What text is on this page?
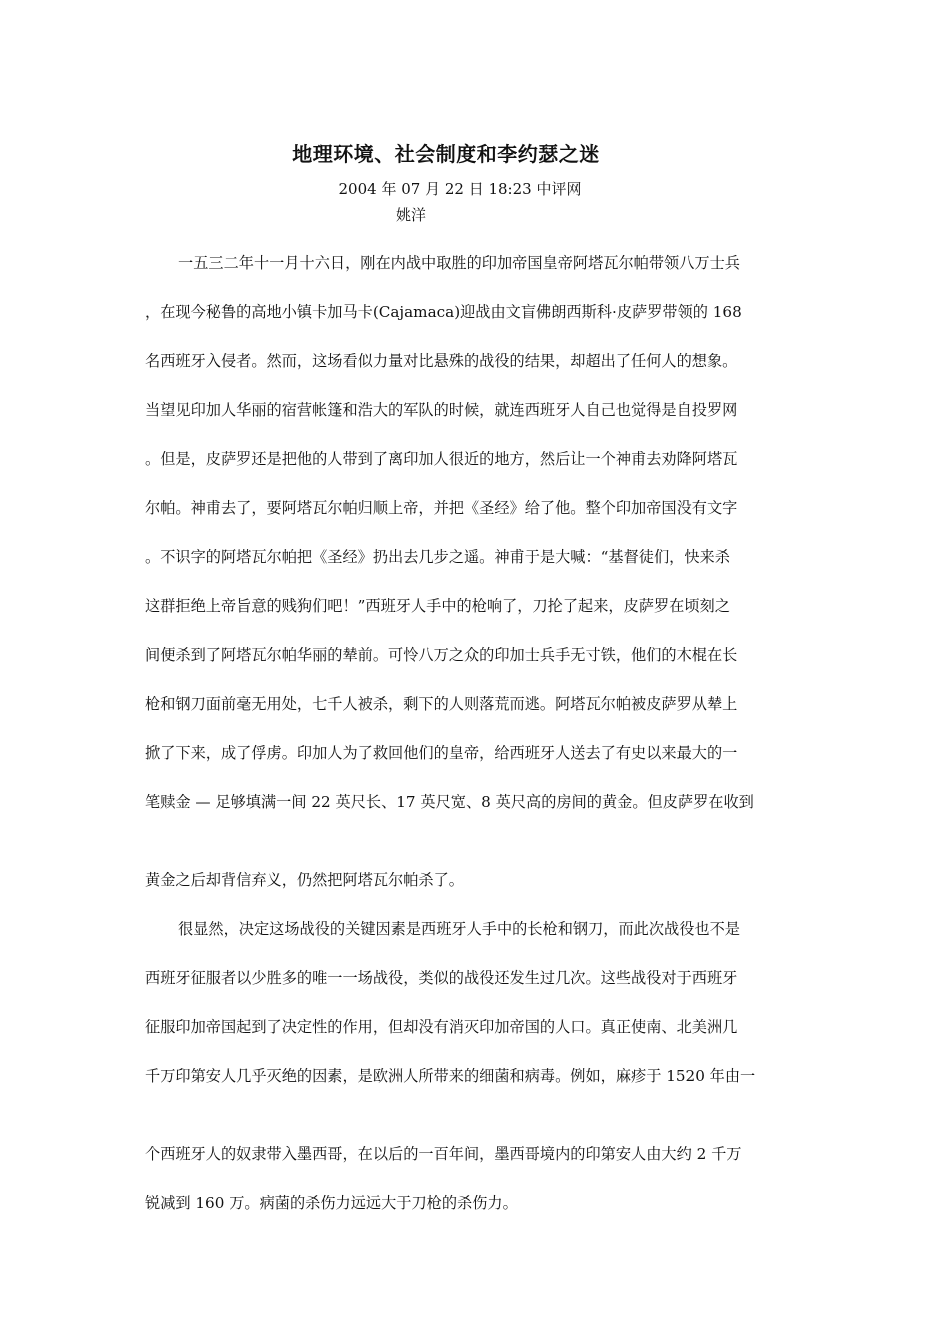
地理环境、社会制度和李约瑟之迷
2004 年 07 月 22 日 18:23 中评网
姚洋
一五三二年十一月十六日，刚在内战中取胜的印加帝国皇帝阿塔瓦尔帕带领八万士兵
，在现今秘鲁的高地小镇卡加马卡(Cajamaca)迎战由文盲佛朗西斯科·皮萨罗带领的 168
名西班牙入侵者。然而，这场看似力量对比悬殊的战役的结果，却超出了任何人的想象。
当望见印加人华丽的宿营帐篷和浩大的军队的时候，就连西班牙人自己也觉得是自投罗网
。但是，皮萨罗还是把他的人带到了离印加人很近的地方，然后让一个神甫去劝降阿塔瓦
尔帕。神甫去了，要阿塔瓦尔帕归顺上帝，并把《圣经》给了他。整个印加帝国没有文字
。不识字的阿塔瓦尔帕把《圣经》扔出去几步之遥。神甫于是大喊：“基督徒们，快来杀
这群拒绝上帝旨意的贱狗们吧！”西班牙人手中的枪响了，刀抡了起来，皮萨罗在顷刻之
间便杀到了阿塔瓦尔帕华丽的辇前。可怜八万之众的印加士兵手无寸铁，他们的木棍在长
枪和钢刀面前毫无用处，七千人被杀，剩下的人则落荒而逃。阿塔瓦尔帕被皮萨罗从辇上
掀了下来，成了俘虏。印加人为了救回他们的皇帝，给西班牙人送去了有史以来最大的一
笔赎金 — 足够填满一间 22 英尺长、17 英尺宽、8 英尺高的房间的黄金。但皮萨罗在收到
黄金之后却背信弃义，仍然把阿塔瓦尔帕杀了。
很显然，决定这场战役的关键因素是西班牙人手中的长枪和钢刀，而此次战役也不是
西班牙征服者以少胜多的唯一一场战役，类似的战役还发生过几次。这些战役对于西班牙
征服印加帝国起到了决定性的作用，但却没有消灭印加帝国的人口。真正使南、北美洲几
千万印第安人几乎灭绝的因素，是欧洲人所带来的细菌和病毒。例如，麻疹于 1520 年由一
个西班牙人的奴隶带入墨西哥，在以后的一百年间，墨西哥境内的印第安人由大约 2 千万
锐减到 160 万。病菌的杀伤力远远大于刀枪的杀伤力。
